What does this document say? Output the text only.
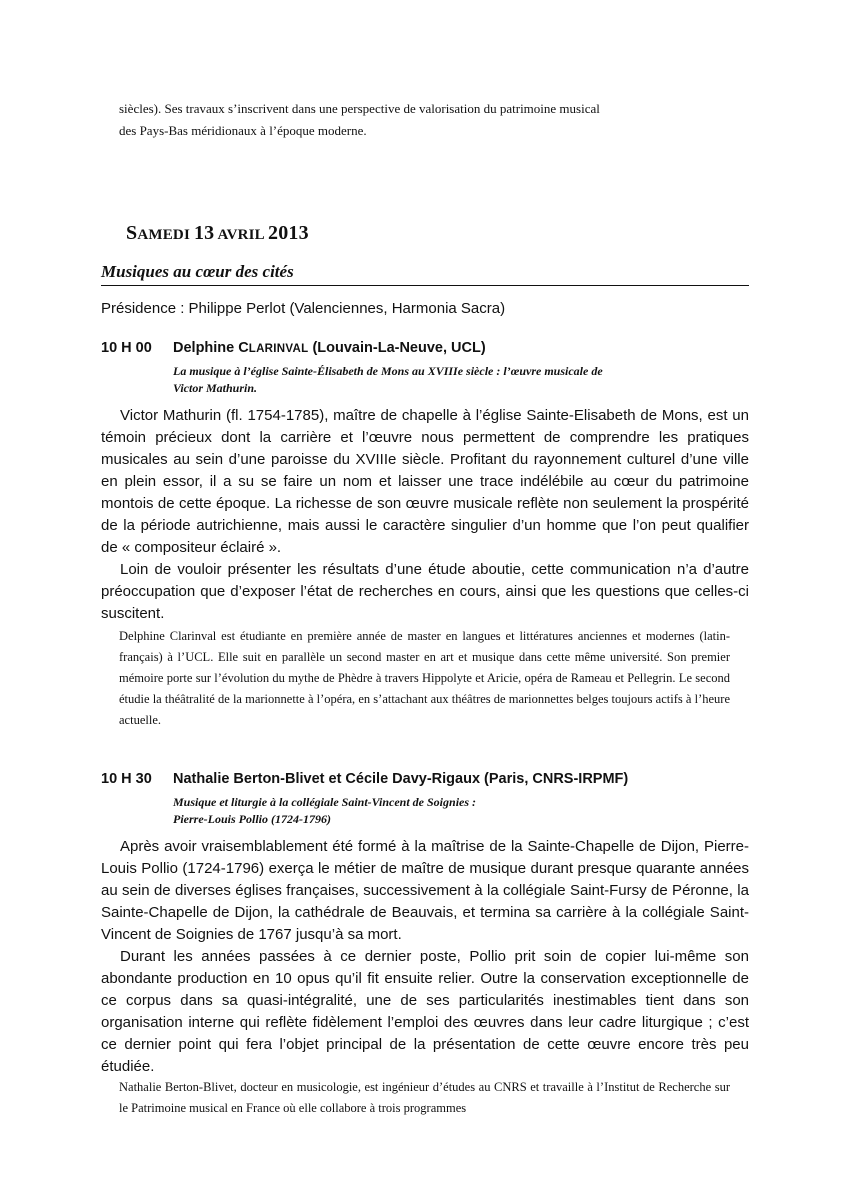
siècles). Ses travaux s’inscrivent dans une perspective de valorisation du patrimoine musical
des Pays-Bas méridionaux à l’époque moderne.
SAMEDI 13 AVRIL 2013
Musiques au cœur des cités
Présidence : Philippe Perlot (Valenciennes, Harmonia Sacra)
10 H 00 Delphine CLARINVAL (Louvain-La-Neuve, UCL)
La musique à l’église Sainte-Élisabeth de Mons au XVIIIe siècle : l’œuvre musicale de
Victor Mathurin.

Victor Mathurin (fl. 1754-1785), maître de chapelle à l’église Sainte-Elisabeth de Mons, est un témoin précieux dont la carrière et l’œuvre nous permettent de comprendre les pratiques musicales au sein d’une paroisse du XVIIIe siècle. Profitant du rayonnement culturel d’une ville en plein essor, il a su se faire un nom et laisser une trace indélébile au cœur du patrimoine montois de cette époque. La richesse de son œuvre musicale reflète non seulement la prospérité de la période autrichienne, mais aussi le caractère singulier d’un homme que l’on peut qualifier de « compositeur éclairé ».

Loin de vouloir présenter les résultats d’une étude aboutie, cette communication n’a d’autre préoccupation que d’exposer l’état de recherches en cours, ainsi que les questions que celles-ci suscitent.

Delphine Clarinval est étudiante en première année de master en langues et littératures anciennes et modernes (latin-français) à l’UCL. Elle suit en parallèle un second master en art et musique dans cette même université. Son premier mémoire porte sur l’évolution du mythe de Phèdre à travers Hippolyte et Aricie, opéra de Rameau et Pellegrin. Le second étudie la théâtralité de la marionnette à l’opéra, en s’attachant aux théâtres de marionnettes belges toujours actifs à l’heure actuelle.
10 H 30 Nathalie Berton-Blivet et Cécile Davy-Rigaux (Paris, CNRS-IRPMF)
Musique et liturgie à la collégiale Saint-Vincent de Soignies :
Pierre-Louis Pollio (1724-1796)

Après avoir vraisemblablement été formé à la maîtrise de la Sainte-Chapelle de Dijon, Pierre-Louis Pollio (1724-1796) exerça le métier de maître de musique durant presque quarante années au sein de diverses églises françaises, successivement à la collégiale Saint-Fursy de Péronne, la Sainte-Chapelle de Dijon, la cathédrale de Beauvais, et termina sa carrière à la collégiale Saint-Vincent de Soignies de 1767 jusqu’à sa mort.

Durant les années passées à ce dernier poste, Pollio prit soin de copier lui-même son abondante production en 10 opus qu’il fit ensuite relier. Outre la conservation exceptionnelle de ce corpus dans sa quasi-intégralité, une de ses particularités inestimables tient dans son organisation interne qui reflète fidèlement l’emploi des œuvres dans leur cadre liturgique ; c’est ce dernier point qui fera l’objet principal de la présentation de cette œuvre encore très peu étudiée.

Nathalie Berton-Blivet, docteur en musicologie, est ingénieur d’études au CNRS et travaille à l’Institut de Recherche sur le Patrimoine musical en France où elle collabore à trois programmes
